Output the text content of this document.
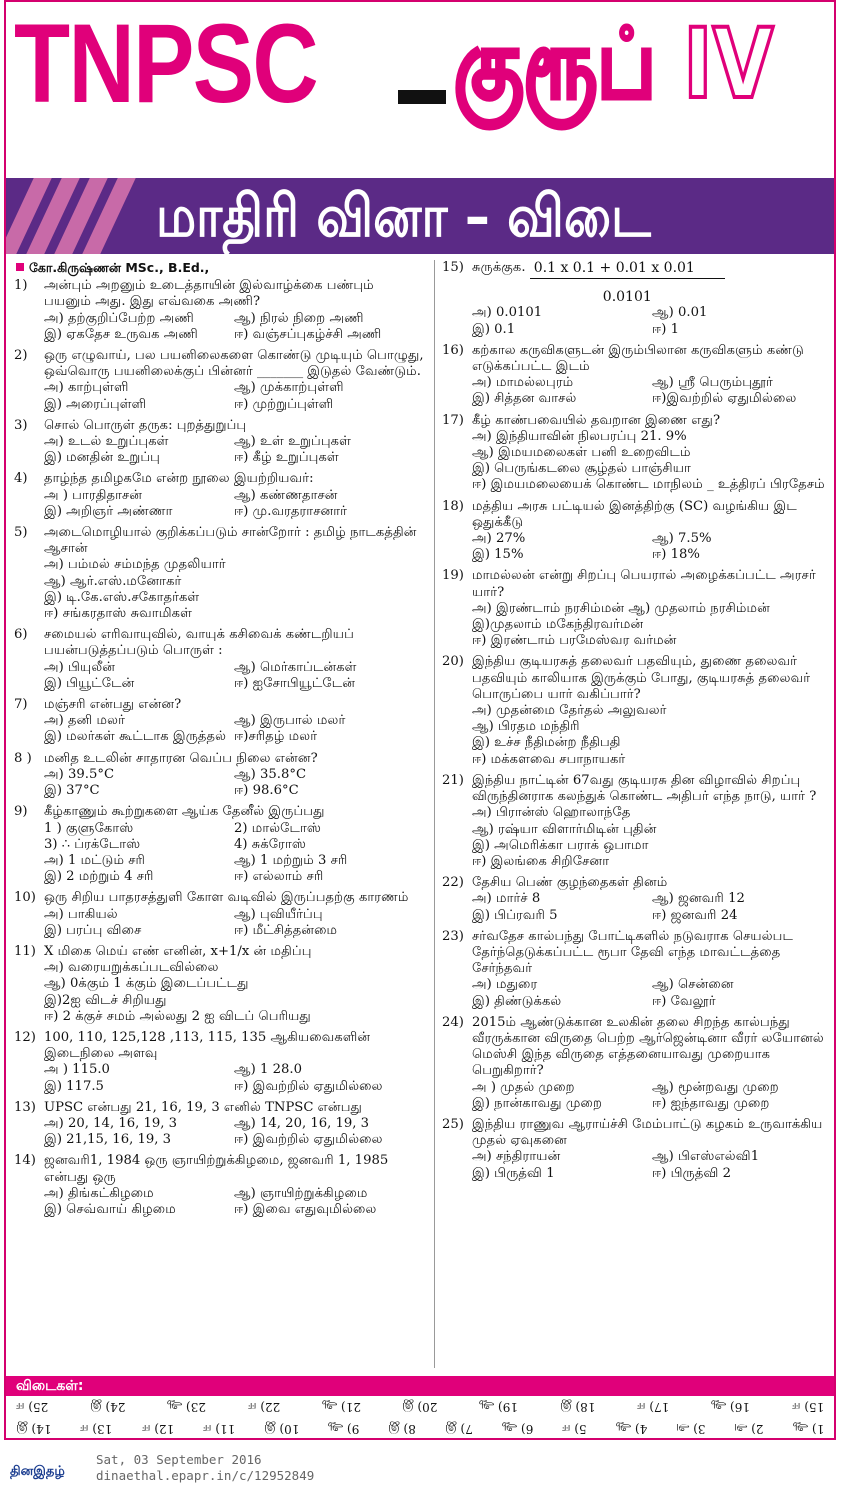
TNPSC குரூப் IV
மாதிரி வினா – விடை
கோ.கிருஷ்ணன் MSc., B.Ed.,
1)	அன்பும் அறனும் உடைத்தாயின் இல்வாழ்க்கை பண்பும் பயனும் அது. இது எவ்வகை அணி?
அ) தற்குறிப்பேற்ற அணி	ஆ) நிரல் நிறை அணி
இ) ஏகதேச உருவக அணி	ஈ) வஞ்சப்புகழ்ச்சி அணி
2)	ஒரு எழுவாய், பல பயனிலைகளை கொண்டு முடியும் பொழுது, ஒவ்வொரு பயனிலைக்குப் பின்னர் _______ இடுதல் வேண்டும்.
அ) காற்புள்ளி	ஆ) முக்காற்புள்ளி
இ) அரைப்புள்ளி	ஈ) முற்றுப்புள்ளி
3)	சொல் பொருள் தருக: புறத்துறுப்பு
அ) உடல் உறுப்புகள்	ஆ) உள் உறுப்புகள்
இ) மனதின் உறுப்பு	ஈ) கீழ் உறுப்புகள்
4)	தாழ்ந்த தமிழகமே என்ற நூலை இயற்றியவர்:
அ ) பாரதிதாசன்	ஆ) கண்ணதாசன்
இ) அறிஞர் அண்ணா	ஈ) மு.வரதராசனார்
5)	அடைமொழியால் குறிக்கப்படும் சான்றோர் : தமிழ் நாடகத்தின் ஆசான்
அ) பம்மல் சம்மந்த முதலியார்
ஆ) ஆர்.எஸ்.மனோகர்
இ) டி.கே.எஸ்.சகோதர்கள்
ஈ) சங்கரதாஸ் சுவாமிகள்
6)	சமையல் எரிவாயுவில், வாயுக் கசிவைக் கண்டறியப் பயன்படுத்தப்படும் பொருள் :
அ) பியுலீன்	ஆ) மெர்காப்டன்கள்
இ) பியூட்டேன்	ஈ) ஐசோபியூட்டேன்
7)	மஞ்சரி என்பது என்ன?
அ) தனி மலர்	ஆ) இருபால் மலர்
இ) மலர்கள் கூட்டாக இருத்தல் ஈ)சரிதழ் மலர்
8 ) மனித உடலின் சாதாரன வெப்ப நிலை என்ன?
அ) 39.5°C	ஆ) 35.8°C
இ) 37°C	ஈ) 98.6°C
9)	கீழ்காணும் கூற்றுகளை ஆய்க தேனீல் இருப்பது
1 ) குளுகோஸ்	2) மால்டோஸ்
3) ∴ ப்ரக்டோஸ்	4) சுக்ரோஸ்
அ) 1 மட்டும் சரி	ஆ) 1 மற்றும் 3 சரி
இ) 2 மற்றும் 4 சரி	ஈ) எல்லாம் சரி
10) ஒரு சிறிய பாதரசத்துளி கோள வடிவில் இருப்பதற்கு காரணம்
அ) பாகியல்	ஆ) புவியீர்ப்பு
இ) பரப்பு விசை	ஈ) மீட்சித்தன்மை
11) X மிகை மெய் எண் எனின், x+1/x ன் மதிப்பு
அ) வரையறுக்கப்படவில்லை
ஆ) 0க்கும் 1 க்கும் இடைப்பட்டது
இ)2ஐ விடச் சிறியது
ஈ) 2 க்குச் சமம் அல்லது 2 ஐ விடப் பெரியது
12) 100, 110, 125,128 ,113, 115, 135 ஆகியவைகளின் இடைநிலை அளவு
அ ) 115.0	ஆ) 1 28.0
இ) 117.5	ஈ) இவற்றில் ஏதுமில்லை
13) UPSC என்பது 21, 16, 19, 3 எனில் TNPSC என்பது
அ) 20, 14, 16, 19, 3	ஆ) 14, 20, 16, 19, 3
இ) 21,15, 16, 19, 3	ஈ) இவற்றில் ஏதுமில்லை
14) ஜனவரி1, 1984 ஒரு ஞாயிற்றுக்கிழமை, ஜனவரி 1, 1985 என்பது ஒரு
அ) திங்கட்கிழமை	ஆ) ஞாயிற்றுக்கிழமை
இ) செவ்வாய் கிழமை	ஈ) இவை எதுவுமில்லை
15) சுருக்குக. $\frac{0.1 x 0.1 + 0.01 x 0.01}{0.0101}$
அ) 0.0101	ஆ) 0.01
இ) 0.1	ஈ) 1
16) கற்கால கருவிகளுடன் இரும்பிலான கருவிகளும் கண்டு எடுக்கப்பட்ட இடம்
அ) மாமல்லபுரம்	ஆ) ஸ்ரீ பெரும்புதூர்
இ) சித்தன வாசல்	ஈ)இவற்றில் ஏதுமில்லை
17) கீழ் காண்பவையில் தவறான இணை எது?
அ) இந்தியாவின் நிலபரப்பு 21. 9%
ஆ) இமயமலைகள் பனி உறைவிடம்
இ) பெருங்கடலை சூழ்தல் பாஞ்சியா
ஈ) இமயமலையைக் கொண்ட மாநிலம் _ உத்திரப் பிரதேசம்
18) மத்திய அரசு பட்டியல் இனத்திற்கு (SC) வழங்கிய இட ஒதுக்கீடு
அ) 27%	ஆ) 7.5%
இ) 15%	ஈ) 18%
19) மாமல்லன் என்று சிறப்பு பெயரால் அழைக்கப்பட்ட அரசர் யார்?
அ) இரண்டாம் நரசிம்மன் ஆ) முதலாம் நரசிம்மன்
இ)முதலாம் மகேந்திரவர்மன்
ஈ) இரண்டாம் பரமேஸ்வர வர்மன்
20) இந்திய குடியரசுத் தலைவர் பதவியும், துணை தலைவர் பதவியும் காலியாக இருக்கும் போது, குடியரசுத் தலைவர் பொருப்பை யார் வகிப்பார்?
அ) முதன்மை தேர்தல் அலுவலர்
ஆ) பிரதம மந்திரி
இ) உச்ச நீதிமன்ற நீதிபதி
ஈ) மக்களவை சபாநாயகர்
21) இந்திய நாட்டின் 67வது குடியரசு தின விழாவில் சிறப்பு விருந்தினராக கலந்துக் கொண்ட அதிபர் எந்த நாடு, யார் ?
அ) பிரான்ஸ் ஹொலாந்தே
ஆ) ரஷ்யா விளார்மிடின் புதின்
இ) அமெரிக்கா பராக் ஒபாமா
ஈ) இலங்கை சிறிசேனா
22) தேசிய பெண் குழந்தைகள் தினம்
அ) மார்ச் 8	ஆ) ஜனவரி 12
இ) பிப்ரவரி 5	ஈ) ஜனவரி 24
23) சர்வதேச கால்பந்து போட்டிகளில் நடுவராக செயல்பட தேர்ந்தெடுக்கப்பட்ட ரூபா தேவி எந்த மாவட்டத்தை சேர்ந்தவர்
அ) மதுரை	ஆ) சென்னை
இ) திண்டுக்கல்	ஈ) வேலூர்
24) 2015ம் ஆண்டுக்கான உலகின் தலை சிறந்த கால்பந்து வீரருக்கான விருதை பெற்ற ஆர்ஜென்டினா வீரர் லயோனல் மெஸ்சி இந்த விருதை எத்தனையாவது முறையாக பெறுகிறார்?
அ ) முதல் முறை	ஆ) மூன்றவது முறை
இ) நான்காவது முறை	ஈ) ஐந்தாவது முறை
25) இந்திய ராணுவ ஆராய்ச்சி மேம்பாட்டு கழகம் உருவாக்கிய முதல் ஏவுகனை
அ) சந்திராயன்	ஆ) பிஎஸ்எல்வி1
இ) பிருத்வி 1	ஈ) பிருத்வி 2
விடைகள்:
15) ஈ
16) ஆ
17) ஈ
18) இ
19) ஆ
20) இ
21) ஆ
22) ஈ
23) ஆ
24) இ
25) ஈ
1) ஆ
2) அ
3) அ
4) ஆ
5) ஈ
6) ஆ
7) இ
8) இ
9) ஆ
10) இ
11) ஈ
12) ஈ
13) ஈ
14) இ
தினஇதழ்
Sat, 03 September 2016
dinaethal.epapr.in/c/12952849
